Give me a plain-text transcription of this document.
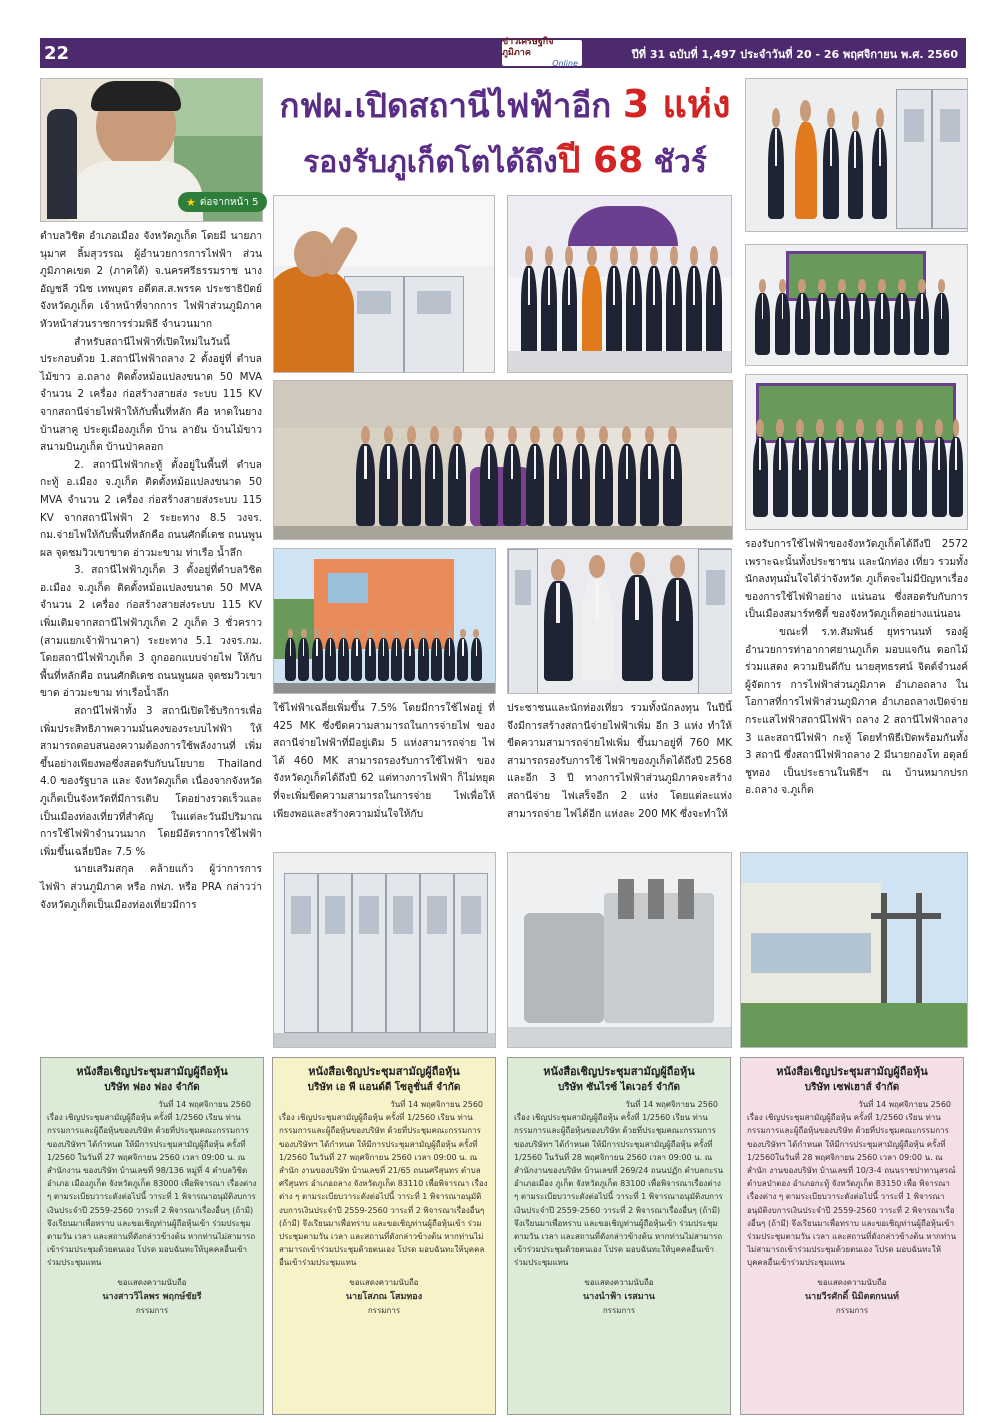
22
ข่าวเศรษฐกิจภูมิภาค
Online
ปีที่ 31 ฉบับที่ 1,497 ประจำวันที่ 20 - 26 พฤศจิกายน พ.ศ. 2560
กฟผ.เปิดสถานีไฟฟ้าอีก 3 แห่ง
รองรับภูเก็ตโตได้ถึงปี 68 ชัวร์
★ ต่อจากหน้า 5

ตำบลวิชิต อำเภอเมือง จังหวัดภูเก็ต โดยมี นายภานุมาศ ลิ้มสุวรรณ ผู้อำนวยการการไฟฟ้า ส่วนภูมิภาคเขต 2 (ภาคใต้) จ.นครศรีธรรมราช นางอัญชลี วนิช เทพบุตร อดีตส.ส.พรรค ประชาธิปัตย์จังหวัดภูเก็ต เจ้าหน้าที่จากการ ไฟฟ้าส่วนภูมิภาค หัวหน้าส่วนราชการร่วมพิธี จำนวนมาก

สำหรับสถานีไฟฟ้าที่เปิดใหม่ในวันนี้ ประกอบด้วย 1.สถานีไฟฟ้าถลาง 2 ตั้งอยู่ที่ ตำบลไม้ขาว อ.ถลาง ติดตั้งหม้อแปลงขนาด 50 MVA จำนวน 2 เครื่อง ก่อสร้างสายส่ง ระบบ 115 KV จากสถานีจ่ายไฟฟ้าให้กับพื้นที่หลัก คือ หาดในยาง บ้านสาคู ประตูเมืองภูเก็ต บ้าน ลายัน บ้านไม้ขาว สนามบินภูเก็ต บ้านป่าคลอก

2. สถานีไฟฟ้ากะทู้ ตั้งอยู่ในพื้นที่ ตำบล กะทู้ อ.เมือง จ.ภูเก็ต ติดตั้งหม้อแปลงขนาด 50 MVA จำนวน 2 เครื่อง ก่อสร้างสายส่งระบบ 115 KV จากสถานีไฟฟ้า 2 ระยะทาง 8.5 วงจร. กม.จ่ายไฟให้กับพื้นที่หลักคือ ถนนศักดิ์เดช ถนนพูนผล จุดชมวิวเขาขาด อ่าวมะขาม ท่าเรือ น้ำลึก

3. สถานีไฟฟ้าภูเก็ต 3 ตั้งอยู่ที่ตำบลวิชิต อ.เมือง จ.ภูเก็ต ติดตั้งหม้อแปลงขนาด 50 MVA จำนวน 2 เครื่อง ก่อสร้างสายส่งระบบ 115 KV เพิ่มเติมจากสถานีไฟฟ้าภูเก็ต 2 ภูเก็ต 3 ชั่วคราว (สามแยกเจ้าฟ้านาคา) ระยะทาง 5.1 วงจร.กม. โดยสถานีไฟฟ้าภูเก็ต 3 ถูกออกแบบจ่ายไฟ ให้กับพื้นที่หลักคือ ถนนศักดิเดช ถนนพูนผล จุดชมวิวเขาขาด อ่าวมะขาม ท่าเรือน้ำลึก

สถานีไฟฟ้าทั้ง 3 สถานีเปิดใช้บริการเพื่อ เพิ่มประสิทธิภาพความมั่นคงของระบบไฟฟ้า ให้สามารถตอบสนองความต้องการใช้พลังงานที่ เพิ่มขึ้นอย่างเพียงพอซึ่งสอดรับกับนโยบาย Thailand 4.0 ของรัฐบาล และ จังหวัดภูเก็ต เนื่องจากจังหวัดภูเก็ตเป็นจังหวัดที่มีการเติบ โตอย่างรวดเร็วและเป็นเมืองท่องเที่ยวที่สำคัญ ในแต่ละวันมีปริมาณการใช้ไฟฟ้าจำนวนมาก โดยมีอัตราการใช้ไฟฟ้าเพิ่มขึ้นเฉลี่ยปีละ 7.5 %

นายเสริมสกุล คล้ายแก้ว ผู้ว่าการการ ไฟฟ้า ส่วนภูมิภาค หรือ กฟภ. หรือ PRA กล่าวว่า จังหวัดภูเก็ตเป็นเมืองท่องเที่ยวมีการ

ใช้ไฟฟ้าเฉลี่ยเพิ่มขึ้น 7.5% โดยมีการใช้ไฟอยู่ ที่ 425 MK ซึ่งขีดความสามารถในการจ่ายไฟ ของสถานีจ่ายไฟฟ้าที่มีอยู่เดิม 5 แห่งสามารถจ่าย ไฟได้ 460 MK สามารถรองรับการใช้ไฟฟ้า ของจังหวัดภูเก็ตได้ถึงปี 62 แต่ทางการไฟฟ้า ก็ไม่หยุดที่จะเพิ่มขีดความสามารถในการจ่าย ไฟเพื่อให้เพียงพอและสร้างความมั่นใจให้กับ

ประชาชนและนักท่องเที่ยว รวมทั้งนักลงทุน ในปีนี้จึงมีการสร้างสถานีจ่ายไฟฟ้าเพิ่ม อีก 3 แห่ง ทำให้ขีดความสามารถจ่ายไฟเพิ่ม ขึ้นมาอยู่ที่ 760 MK สามารถรองรับการใช้ ไฟฟ้าของภูเก็ตได้ถึงปี 2568 และอีก 3 ปี ทางการไฟฟ้าส่วนภูมิภาคจะสร้างสถานีจ่าย ไฟเสร็จอีก 2 แห่ง โดยแต่ละแห่งสามารถจ่าย ไฟได้อีก แห่งละ 200 MK ซึ่งจะทำให้

รองรับการใช้ไฟฟ้าของจังหวัดภูเก็ตได้ถึงปี 2572 เพราะฉะนั้นทั้งประชาชน และนักท่อง เที่ยว รวมทั้งนักลงทุนมั่นใจได้ว่าจังหวัด ภูเก็ตจะไม่มีปัญหาเรื่องของการใช้ไฟฟ้าอย่าง แน่นอน ซึ่งสอดรับกับการเป็นเมืองสมาร์ทซิตี้ ของจังหวัดภูเก็ตอย่างแน่นอน

ขณะที่ ร.ท.สัมพันธ์ ยุทรานนท์ รองผู้ อำนวยการท่าอากาศยานภูเก็ต มอบแจกัน ดอกไม้ร่วมแสดง ความยินดีกับ นายสุทธรศน์ จิตต์จำนงค์ ผู้จัดการ การไฟฟ้าส่วนภูมิภาค อำเภอถลาง ในโอกาสที่การไฟฟ้าส่วนภูมิภาค อำเภอถลางเปิดจ่ายกระแสไฟฟ้าสถานีไฟฟ้า ถลาง 2 สถานีไฟฟ้าถลาง 3 และสถานีไฟฟ้า กะทู้ โดยทำพิธีเปิดพร้อมกันทั้ง 3 สถานี ซึ่งสถานีไฟฟ้าถลาง 2 มีนายกองโท อดุลย์ ชูทอง เป็นประธานในพิธีฯ ณ บ้านหมากปรก อ.ถลาง จ.ภูเก็ต

หนังสือเชิญประชุมสามัญผู้ถือหุ้น
บริษัท ฟอง ฟอง จำกัด
วันที่ 14 พฤศจิกายน 2560
เรื่อง เชิญประชุมสามัญผู้ถือหุ้น ครั้งที่ 1/2560 เรียน ท่านกรรมการและผู้ถือหุ้นของบริษัท ด้วยที่ประชุมคณะกรรมการของบริษัทฯ ได้กำหนด ให้มีการประชุมสามัญผู้ถือหุ้น ครั้งที่ 1/2560 ในวันที่ 27 พฤศจิกายน 2560 เวลา 09:00 น. ณ สำนักงาน ของบริษัท บ้านเลขที่ 98/136 หมู่ที่ 4 ตำบลวิชิต อำเภอ เมืองภูเก็ต จังหวัดภูเก็ต 83000 เพื่อพิจารณา เรื่องต่าง ๆ ตามระเบียบวาระดังต่อไปนี้ วาระที่ 1 พิจารณาอนุมัติงบการเงินประจำปี 2559-2560 วาระที่ 2 พิจารณาเรื่องอื่นๆ (ถ้ามี) จึงเรียนมาเพื่อทราบ และขอเชิญท่านผู้ถือหุ้นเข้า ร่วมประชุมตามวัน เวลา และสถานที่ดังกล่าวข้างต้น หากท่านไม่สามารถเข้าร่วมประชุมด้วยตนเอง โปรด มอบฉันทะให้บุคคลอื่นเข้าร่วมประชุมแทน
ขอแสดงความนับถือ
นางสาววิไลพร พฤกษ์ชัยรี
กรรมการ
หนังสือเชิญประชุมสามัญผู้ถือหุ้น
บริษัท เอ พี แอนด์ดี โซลูชั่นส์ จำกัด
วันที่ 14 พฤศจิกายน 2560
เรื่อง เชิญประชุมสามัญผู้ถือหุ้น ครั้งที่ 1/2560 เรียน ท่านกรรมการและผู้ถือหุ้นของบริษัท ด้วยที่ประชุมคณะกรรมการของบริษัทฯ ได้กำหนด ให้มีการประชุมสามัญผู้ถือหุ้น ครั้งที่ 1/2560 ในวันที่ 27 พฤศจิกายน 2560 เวลา 09:00 น. ณ สำนัก งานของบริษัท บ้านเลขที่ 21/65 ถนนศรีสุนทร ตำบล ศรีสุนทร อำเภอถลาง จังหวัดภูเก็ต 83110 เพื่อพิจารณา เรื่องต่าง ๆ ตามระเบียบวาระดังต่อไปนี้ วาระที่ 1 พิจารณาอนุมัติงบการเงินประจำปี 2559-2560 วาระที่ 2 พิจารณาเรื่องอื่นๆ (ถ้ามี) จึงเรียนมาเพื่อทราบ และขอเชิญท่านผู้ถือหุ้นเข้า ร่วมประชุมตามวัน เวลา และสถานที่ดังกล่าวข้างต้น หากท่านไม่สามารถเข้าร่วมประชุมด้วยตนเอง โปรด มอบฉันทะให้บุคคลอื่นเข้าร่วมประชุมแทน
ขอแสดงความนับถือ
นายโสภณ โสมทอง
กรรมการ
หนังสือเชิญประชุมสามัญผู้ถือหุ้น
บริษัท ซันไรซ์ ไดเวอร์ จำกัด
วันที่ 14 พฤศจิกายน 2560
เรื่อง เชิญประชุมสามัญผู้ถือหุ้น ครั้งที่ 1/2560 เรียน ท่านกรรมการและผู้ถือหุ้นของบริษัท ด้วยที่ประชุมคณะกรรมการของบริษัทฯ ได้กำหนด ให้มีการประชุมสามัญผู้ถือหุ้น ครั้งที่ 1/2560 ในวันที่ 28 พฤศจิกายน 2560 เวลา 09:00 น. ณ สำนักงานของบริษัท บ้านเลขที่ 269/24 ถนนปฏัก ตำบลกะรน อำเภอเมือง ภูเก็ต จังหวัดภูเก็ต 83100 เพื่อพิจารณาเรื่องต่าง ๆ ตามระเบียบวาระดังต่อไปนี้ วาระที่ 1 พิจารณาอนุมัติงบการเงินประจำปี 2559-2560 วาระที่ 2 พิจารณาเรื่องอื่นๆ (ถ้ามี) จึงเรียนมาเพื่อทราบ และขอเชิญท่านผู้ถือหุ้นเข้า ร่วมประชุมตามวัน เวลา และสถานที่ดังกล่าวข้างต้น หากท่านไม่สามารถเข้าร่วมประชุมด้วยตนเอง โปรด มอบฉันทะให้บุคคลอื่นเข้าร่วมประชุมแทน
ขอแสดงความนับถือ
นางนำฟ้า เรสมาน
กรรมการ
หนังสือเชิญประชุมสามัญผู้ถือหุ้น
บริษัท เซฟเฮาส์ จำกัด
วันที่ 14 พฤศจิกายน 2560
เรื่อง เชิญประชุมสามัญผู้ถือหุ้น ครั้งที่ 1/2560 เรียน ท่านกรรมการและผู้ถือหุ้นของบริษัท ด้วยที่ประชุมคณะกรรมการของบริษัทฯ ได้กำหนด ให้มีการประชุมสามัญผู้ถือหุ้น ครั้งที่ 1/2560ในวันที่ 28 พฤศจิกายน 2560 เวลา 09:00 น. ณ สำนัก งานของบริษัท บ้านเลขที่ 10/3-4 ถนนราชปาทานุสรณ์ ตำบลป่าตอง อำเภอกะทู้ จังหวัดภูเก็ต 83150 เพื่อ พิจารณาเรื่องต่าง ๆ ตามระเบียบวาระดังต่อไปนี้ วาระที่ 1 พิจารณาอนุมัติงบการเงินประจำปี 2559-2560 วาระที่ 2 พิจารณาเรื่องอื่นๆ (ถ้ามี) จึงเรียนมาเพื่อทราบ และขอเชิญท่านผู้ถือหุ้นเข้า ร่วมประชุมตามวัน เวลา และสถานที่ดังกล่าวข้างต้น หากท่านไม่สามารถเข้าร่วมประชุมด้วยตนเอง โปรด มอบฉันทะให้บุคคลอื่นเข้าร่วมประชุมแทน
ขอแสดงความนับถือ
นายวีรศักดิ์ นิมิตตกนนท์
กรรมการ
